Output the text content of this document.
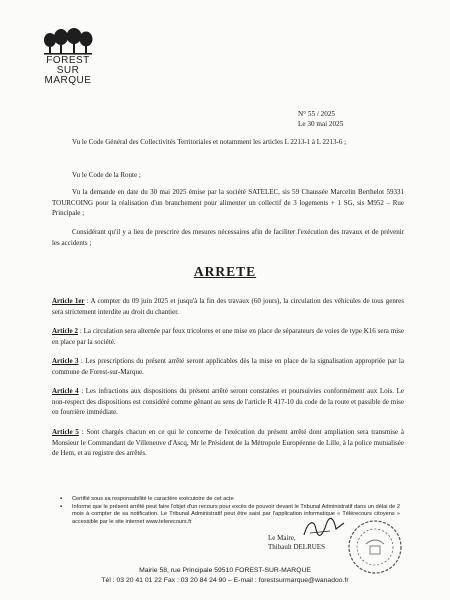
FOREST
SUR
MARQUE
N° 55 / 2025
Le 30 mai 2025

Vu le Code Général des Collectivités Territoriales et notamment les articles L 2213-1 à L 2213-6 ;

Vu le Code de la Route ;

Vu la demande en date du 30 mai 2025 émise par la société SATELEC, sis 59 Chaussée Marcelin Berthelot 59331 TOURCOING pour la réalisation d'un branchement pour alimenter un collectif de 3 logements + 1 SG, sis M952 – Rue Principale ;

Considérant qu'il y a lieu de prescrire des mesures nécessaires afin de faciliter l'exécution des travaux et de prévenir les accidents ;

ARRETE

Article 1er : A compter du 09 juin 2025 et jusqu'à la fin des travaux (60 jours), la circulation des véhicules de tous genres sera strictement interdite au droit du chantier.

Article 2 : La circulation sera alternée par feux tricolores et une mise en place de séparateurs de voies de type K16 sera mise en place par la société.

Article 3 : Les prescriptions du présent arrêté seront applicables dès la mise en place de la signalisation appropriée par la commune de Forest-sur-Marque.

Article 4 : Les infractions aux dispositions du présent arrêté seront constatées et poursuivies conformément aux Lois. Le non-respect des dispositions est considéré comme gênant au sens de l'article R 417-10 du code de la route et passible de mise en fourrière immédiate.

Article 5 : Sont chargés chacun en ce qui le concerne de l'exécution du présent arrêté dont ampliation sera transmise à Monsieur le Commandant de Villeneuve d'Ascq, Mr le Président de la Métropole Européenne de Lille, à la police mutualisée de Hem, et au registre des arrêtés.

▪ Certifié sous sa responsabilité le caractère exécutoire de cet acte
▪ Informe que le présent arrêté peut faire l'objet d'un recours pour excès de pouvoir devant le Tribunal Administratif dans un délai de 2 mois à compter de sa notification. Le Tribunal Administratif peut être saisi par l'application informatique « Télérecours citoyens » accessible par le site internet www.telerecours.fr
Le Maire,
Thibault DELRUES
Mairie 58, rue Principale 59510 FOREST-SUR-MARQUE
Tél : 03 20 41 01 22 Fax : 03 20 84 24 90 – E-mail : forestsurmarque@wanadoo.fr
